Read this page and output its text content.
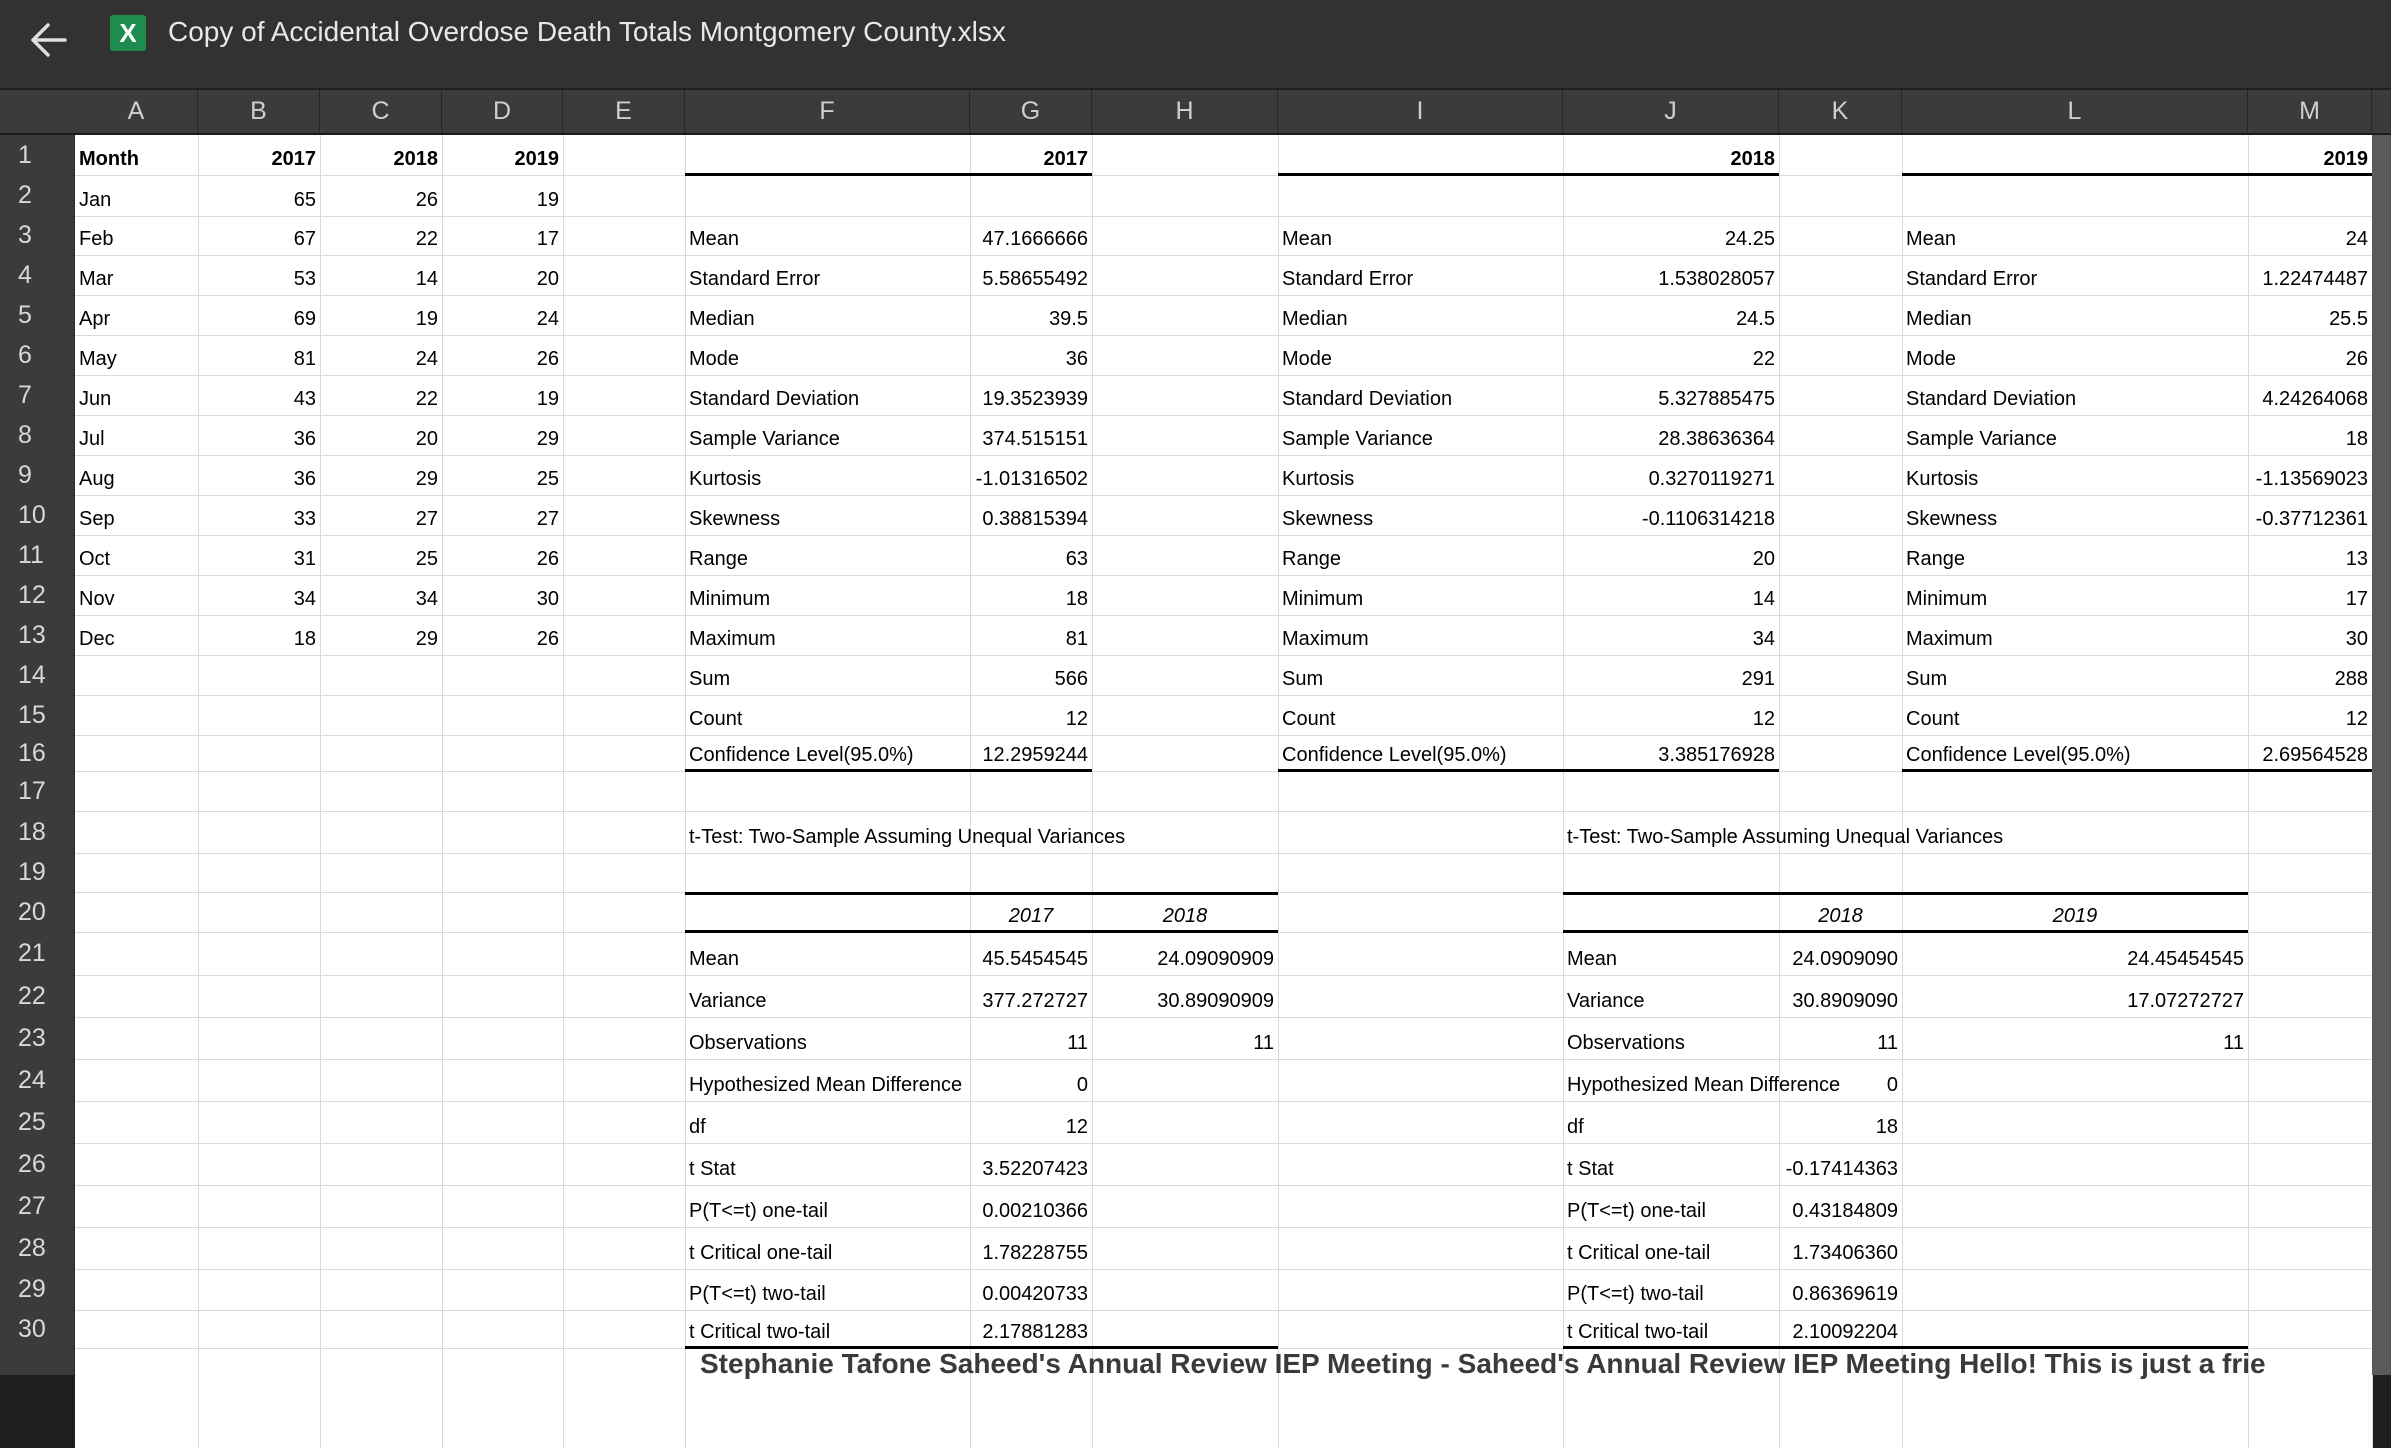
X	Copy of Accidental Overdose Death Totals Montgomery County.xlsx
A	B	C	D	E	F	G	H	I	J	K	L	M
1
2
3
4
5
6
7
8
9
10
11
12
13
14
15
16
17
18
19
20
21
22
23
24
25
26
27
28
29
30
Month	2017	2018	2019
Jan	65	26	19
Feb	67	22	17
Mar	53	14	20
Apr	69	19	24
May	81	24	26
Jun	43	22	19
Jul	36	20	29
Aug	36	29	25
Sep	33	27	27
Oct	31	25	26
Nov	34	34	30
Dec	18	29	26
2017
Mean	47.1666666
Standard Error	5.58655492
Median	39.5
Mode	36
Standard Deviation	19.3523939
Sample Variance	374.515151
Kurtosis	-1.01316502
Skewness	0.38815394
Range	63
Minimum	18
Maximum	81
Sum	566
Count	12
Confidence Level(95.0%)	12.2959244
2018
Mean	24.25
Standard Error	1.538028057
Median	24.5
Mode	22
Standard Deviation	5.327885475
Sample Variance	28.38636364
Kurtosis	0.3270119271
Skewness	-0.1106314218
Range	20
Minimum	14
Maximum	34
Sum	291
Count	12
Confidence Level(95.0%)	3.385176928
2019
Mean	24
Standard Error	1.22474487
Median	25.5
Mode	26
Standard Deviation	4.24264068
Sample Variance	18
Kurtosis	-1.13569023
Skewness	-0.37712361
Range	13
Minimum	17
Maximum	30
Sum	288
Count	12
Confidence Level(95.0%)	2.69564528
t-Test: Two-Sample Assuming Unequal Variances
2017	2018
Mean	45.5454545	24.09090909
Variance	377.272727	30.89090909
Observations	11	11
Hypothesized Mean Difference	0
df	12
t Stat	3.52207423
P(T<=t) one-tail	0.00210366
t Critical one-tail	1.78228755
P(T<=t) two-tail	0.00420733
t Critical two-tail	2.17881283
t-Test: Two-Sample Assuming Unequal Variances
2018	2019
Mean	24.0909090	24.45454545
Variance	30.8909090	17.07272727
Observations	11	11
Hypothesized Mean Difference	0
df	18
t Stat	-0.17414363
P(T<=t) one-tail	0.43184809
t Critical one-tail	1.73406360
P(T<=t) two-tail	0.86369619
t Critical two-tail	2.10092204
Stephanie Tafone Saheed's Annual Review IEP Meeting - Saheed's Annual Review IEP Meeting Hello! This is just a frie
